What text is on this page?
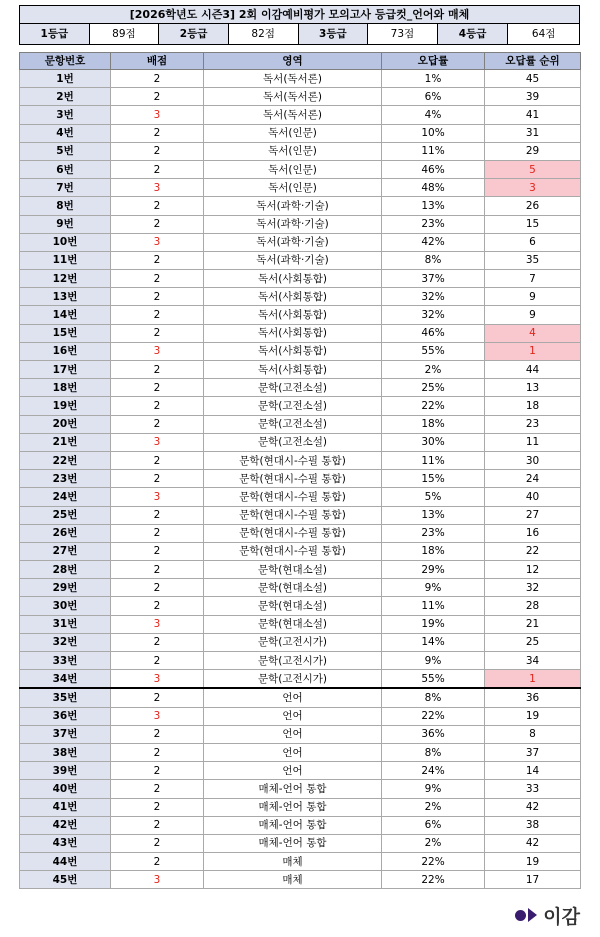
[2026학년도 시즌3] 2회 이감예비평가 모의고사 등급컷_언어와 매체
1등급	89점	2등급	82점	3등급	73점	4등급	64점
문항번호	배점	영역	오답률	오답률 순위
1번	2	독서(독서론)	1%	45
2번	2	독서(독서론)	6%	39
3번	3	독서(독서론)	4%	41
4번	2	독서(인문)	10%	31
5번	2	독서(인문)	11%	29
6번	2	독서(인문)	46%	5
7번	3	독서(인문)	48%	3
8번	2	독서(과학·기술)	13%	26
9번	2	독서(과학·기술)	23%	15
10번	3	독서(과학·기술)	42%	6
11번	2	독서(과학·기술)	8%	35
12번	2	독서(사회통합)	37%	7
13번	2	독서(사회통합)	32%	9
14번	2	독서(사회통합)	32%	9
15번	2	독서(사회통합)	46%	4
16번	3	독서(사회통합)	55%	1
17번	2	독서(사회통합)	2%	44
18번	2	문학(고전소설)	25%	13
19번	2	문학(고전소설)	22%	18
20번	2	문학(고전소설)	18%	23
21번	3	문학(고전소설)	30%	11
22번	2	문학(현대시-수필 통합)	11%	30
23번	2	문학(현대시-수필 통합)	15%	24
24번	3	문학(현대시-수필 통합)	5%	40
25번	2	문학(현대시-수필 통합)	13%	27
26번	2	문학(현대시-수필 통합)	23%	16
27번	2	문학(현대시-수필 통합)	18%	22
28번	2	문학(현대소설)	29%	12
29번	2	문학(현대소설)	9%	32
30번	2	문학(현대소설)	11%	28
31번	3	문학(현대소설)	19%	21
32번	2	문학(고전시가)	14%	25
33번	2	문학(고전시가)	9%	34
34번	3	문학(고전시가)	55%	1
35번	2	언어	8%	36
36번	3	언어	22%	19
37번	2	언어	36%	8
38번	2	언어	8%	37
39번	2	언어	24%	14
40번	2	매체-언어 통합	9%	33
41번	2	매체-언어 통합	2%	42
42번	2	매체-언어 통합	6%	38
43번	2	매체-언어 통합	2%	42
44번	2	매체	22%	19
45번	3	매체	22%	17
이감
